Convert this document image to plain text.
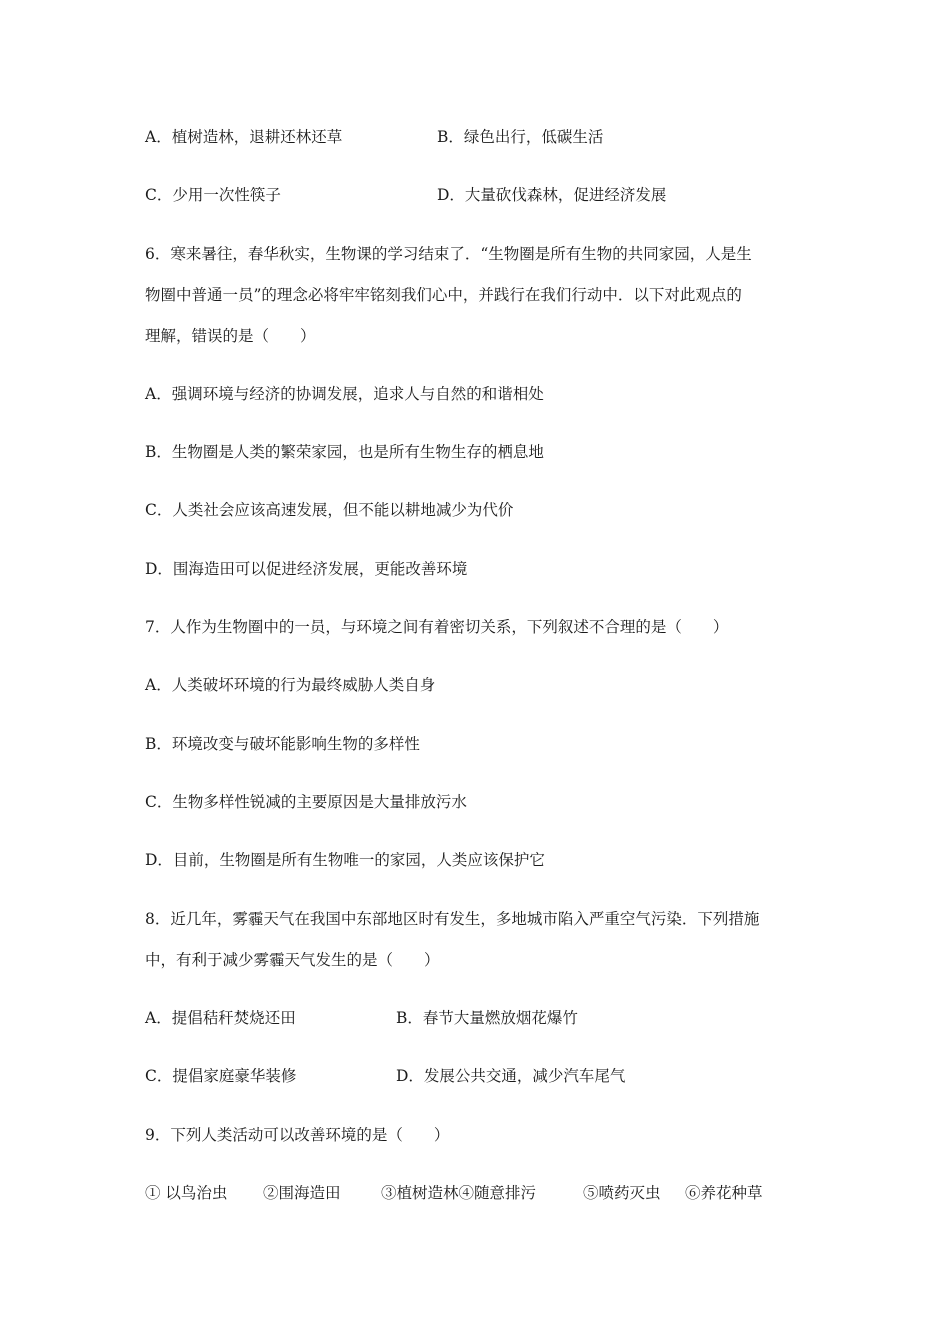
A．植树造林，退耕还林还草	B．绿色出行，低碳生活
C．少用一次性筷子	D．大量砍伐森林，促进经济发展
6．寒来暑往，春华秋实，生物课的学习结束了．“生物圈是所有生物的共同家园，人是生
物圈中普通一员”的理念必将牢牢铭刻我们心中，并践行在我们行动中．以下对此观点的
理解，错误的是（　　）
A．强调环境与经济的协调发展，追求人与自然的和谐相处
B．生物圈是人类的繁荣家园，也是所有生物生存的栖息地
C．人类社会应该高速发展，但不能以耕地减少为代价
D．围海造田可以促进经济发展，更能改善环境
7．人作为生物圈中的一员，与环境之间有着密切关系，下列叙述不合理的是（　　）
A．人类破坏环境的行为最终威胁人类自身
B．环境改变与破坏能影响生物的多样性
C．生物多样性锐减的主要原因是大量排放污水
D．目前，生物圈是所有生物唯一的家园，人类应该保护它
8．近几年，雾霾天气在我国中东部地区时有发生，多地城市陷入严重空气污染．下列措施
中，有利于减少雾霾天气发生的是（　　）
A．提倡秸秆焚烧还田	B．春节大量燃放烟花爆竹
C．提倡家庭豪华装修	D．发展公共交通，减少汽车尾气
9．下列人类活动可以改善环境的是（　　）
① 以鸟治虫 ②围海造田	③植树造林④随意排污	⑤喷药灭虫 ⑥养花种草
